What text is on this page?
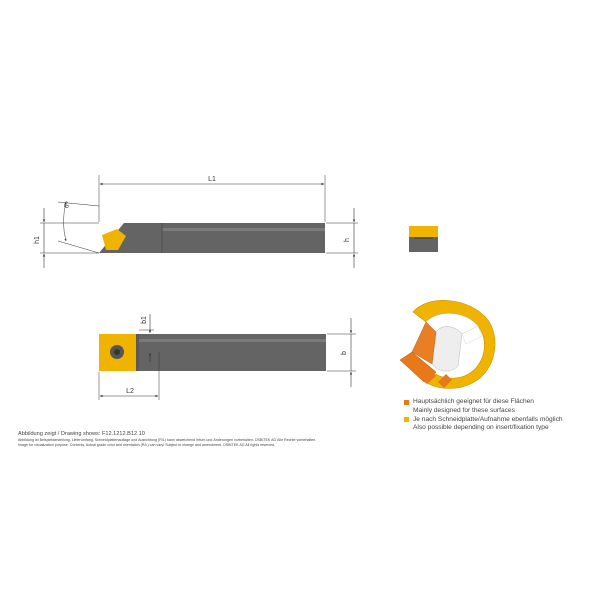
L1
h1
6°
h
b1
L2
b
Hauptsächlich geeignet für diese Flächen
Mainly designed for these surfaces
Je nach Schneidplatte/Aufnahme ebenfalls möglich
Also possible depending on insert/fixation type
Abbildung zeigt / Drawing shows: F12.1212.B12.10
Abbildung ist Beispieldarstellung, Lieferumfang, Schneidplattenauflage und Ausrichtung (R/L) kann abweichend Irrtum und Änderungen vorbehalten. OSBITEK AG Alle Rechte vorbehalten.
Image for visualization purpose. Contents, Actual grade color and orientation (R/L) can vary! Subject to change and amendment. OSBITEK AG All rights reserved.
